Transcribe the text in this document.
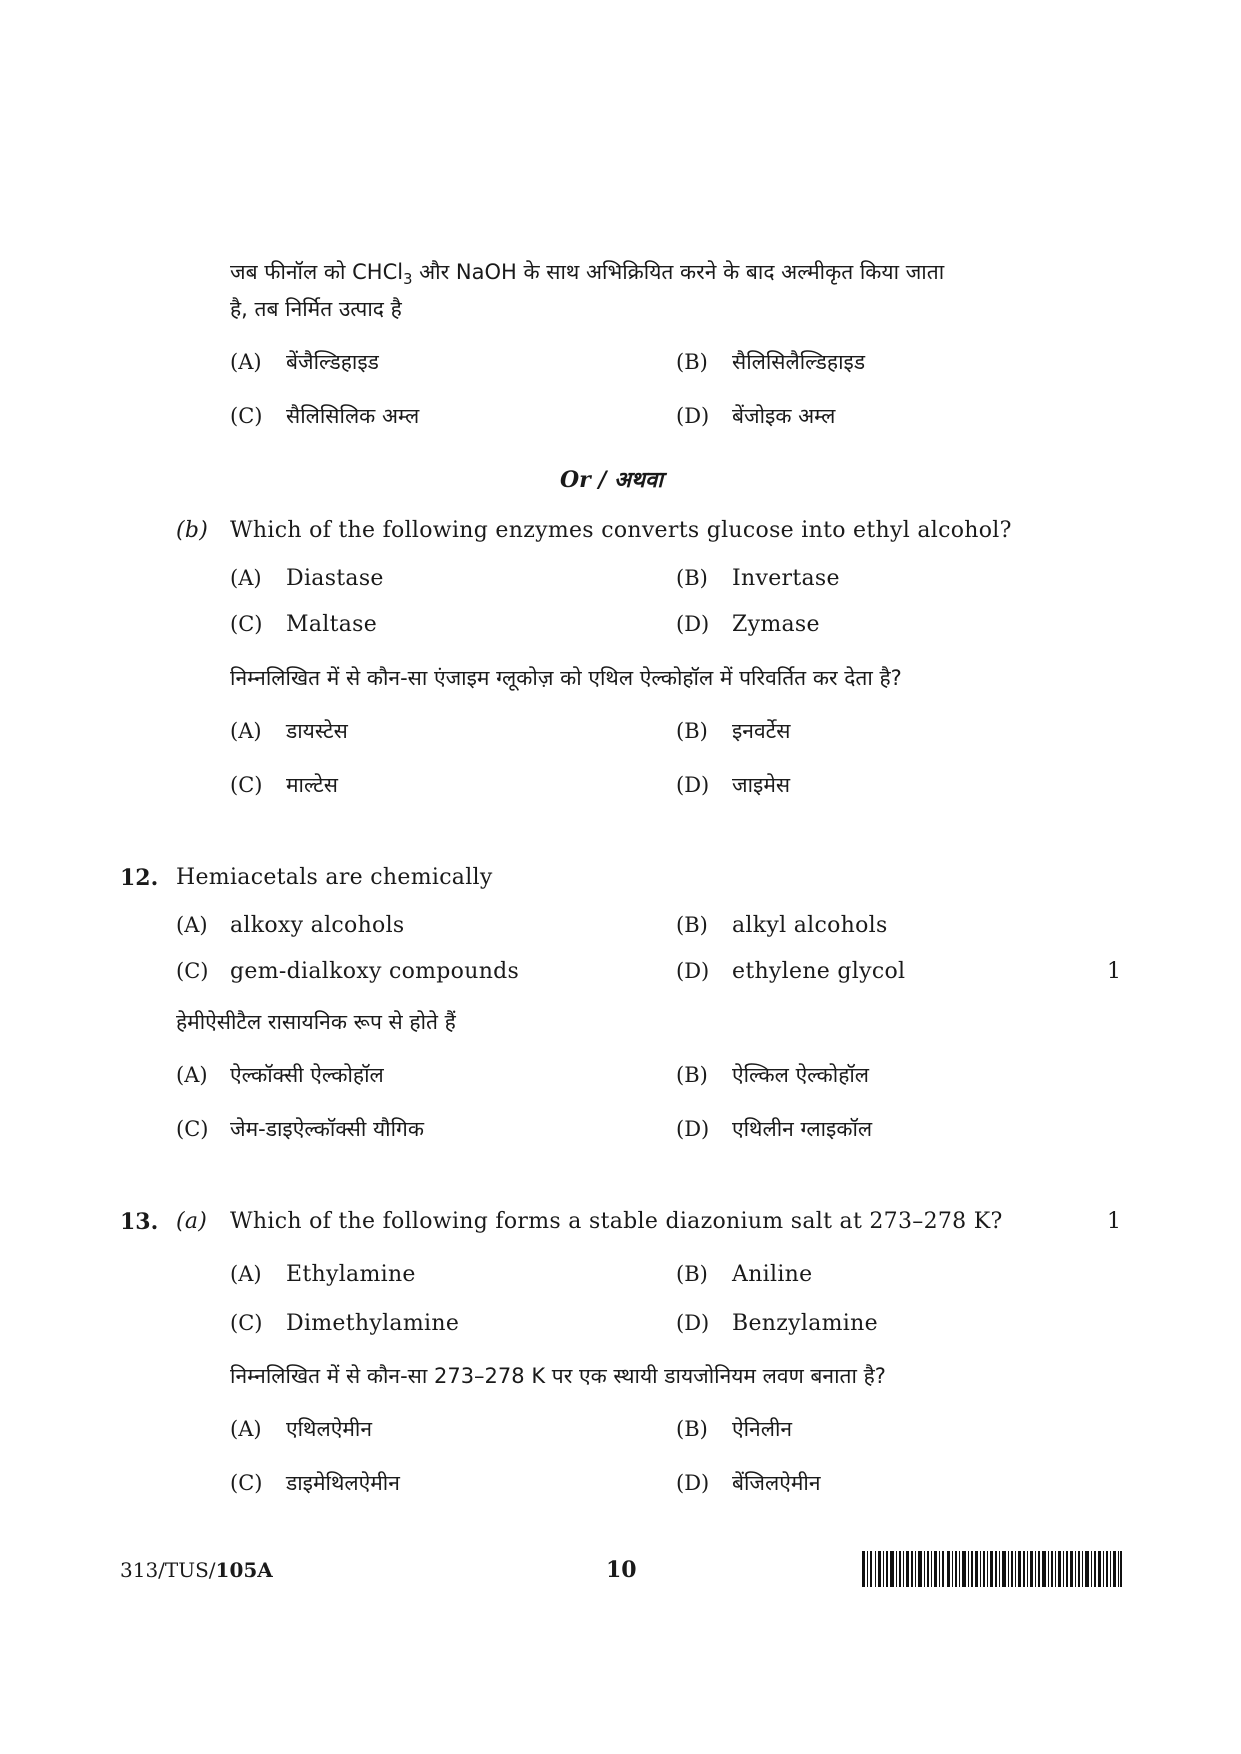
जब फीनॉल को CHCl$_3$ और NaOH के साथ अभिक्रियित करने के बाद अल्मीकृत किया जाता
है, तब निर्मित उत्पाद है
(A) बेंजैल्डिहाइड	(B) सैलिसिलैल्डिहाइड
(C) सैलिसिलिक अम्ल	(D) बेंजोइक अम्ल
Or / अथवा
(b) Which of the following enzymes converts glucose into ethyl alcohol?
(A) Diastase	(B) Invertase
(C) Maltase	(D) Zymase
निम्नलिखित में से कौन-सा एंजाइम ग्लूकोज़ को एथिल ऐल्कोहॉल में परिवर्तित कर देता है?
(A) डायस्टेस	(B) इनवर्टेस
(C) माल्टेस	(D) जाइमेस
12. Hemiacetals are chemically
(A) alkoxy alcohols	(B) alkyl alcohols
(C) gem-dialkoxy compounds	(D) ethylene glycol	1
हेमीऐसीटैल रासायनिक रूप से होते हैं
(A) ऐल्कॉक्सी ऐल्कोहॉल	(B) ऐल्किल ऐल्कोहॉल
(C) जेम-डाइऐल्कॉक्सी यौगिक	(D) एथिलीन ग्लाइकॉल
13. (a) Which of the following forms a stable diazonium salt at 273–278 K?	1
(A) Ethylamine	(B) Aniline
(C) Dimethylamine	(D) Benzylamine
निम्नलिखित में से कौन-सा 273–278 K पर एक स्थायी डायजोनियम लवण बनाता है?
(A) एथिलऐमीन	(B) ऐनिलीन
(C) डाइमेथिलऐमीन	(D) बेंजिलऐमीन
313/TUS/105A	10
